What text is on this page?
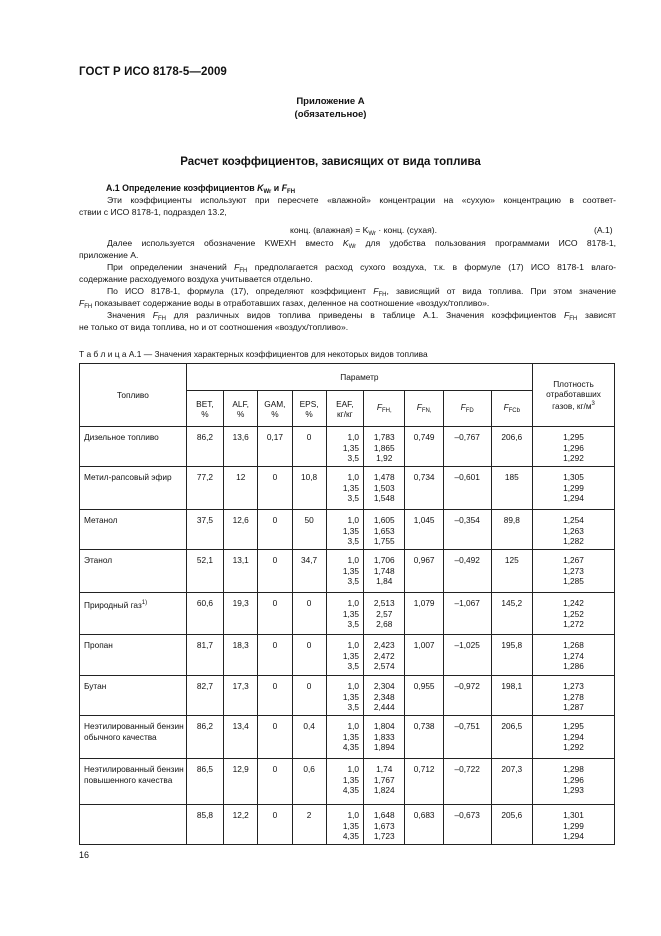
ГОСТ Р ИСО 8178-5—2009
Приложение А
(обязательное)
Расчет коэффициентов, зависящих от вида топлива
А.1 Определение коэффициентов $K_{Wr}$ и $F_{FH}$
Эти коэффициенты используют при пересчете «влажной» концентрации на «сухую» концентрацию в соответ-
ствии с ИСО 8178-1, подраздел 13.2,
конц. (влажная) = $K_{Wr}$ · конц. (сухая).	(A.1)
Далее используется обозначение KWEXH вместо $K_{Wr}$ для удобства пользования программами ИСО 8178-1,
приложение А.
При определении значений $F_{FH}$ предполагается расход сухого воздуха, т.к. в формуле (17) ИСО 8178-1 влаго-
содержание расходуемого воздуха учитывается отдельно.
По ИСО 8178-1, формула (17), определяют коэффициент $F_{FH}$, зависящий от вида топлива. При этом значение
$F_{FH}$ показывает содержание воды в отработавших газах, деленное на соотношение «воздух/топливо».
Значения $F_{FH}$ для различных видов топлива приведены в таблице А.1. Значения коэффициентов $F_{FH}$ зависят
не только от вида топлива, но и от соотношения «воздух/топливо».
Т а б л и ц а А.1 — Значения характерных коэффициентов для некоторых видов топлива
Топливо	Параметр									Плотность отработавших газов, $кг/м^3$
	BET,
%	ALF,
%	GAM,
%	EPS,
%	EAF,
кг/кг	$F_{FH,}$	$F_{FN,}$	$F_{FD}$	$F_{FCb}$
Дизельное топливо	86,2	13,6	0,17	0	1,0
1,35
3,5	1,783
1,865
1,92	0,749	–0,767	206,6	1,295
1,296
1,292

Метил-рапсовый эфир	77,2	12	0	10,8	1,0
1,35
3,5	1,478
1,503
1,548	0,734	–0,601	185	1,305
1,299
1,294

Метанол	37,5	12,6	0	50	1,0
1,35
3,5	1,605
1,653
1,755	1,045	–0,354	89,8	1,254
1,263
1,282

Этанол	52,1	13,1	0	34,7	1,0
1,35
3,5	1,706
1,748
1,84	0,967	–0,492	125	1,267
1,273
1,285

Природный газ$^{1)}$	60,6	19,3	0	0	1,0
1,35
3,5	2,513
2,57
2,68	1,079	–1,067	145,2	1,242
1,252
1,272

Пропан	81,7	18,3	0	0	1,0
1,35
3,5	2,423
2,472
2,574	1,007	–1,025	195,8	1,268
1,274
1,286

Бутан	82,7	17,3	0	0	1,0
1,35
3,5	2,304
2,348
2,444	0,955	–0,972	198,1	1,273
1,278
1,287

Неэтилированный бензин обычного качества	86,2	13,4	0	0,4	1,0
1,35
4,35	1,804
1,833
1,894	0,738	–0,751	206,5	1,295
1,294
1,292

Неэтилированный бензин повышенного качества	86,5	12,9	0	0,6	1,0
1,35
4,35	1,74
1,767
1,824	0,712	–0,722	207,3	1,298
1,296
1,293

	85,8	12,2	0	2	1,0
1,35
4,35	1,648
1,673
1,723	0,683	–0,673	205,6	1,301
1,299
1,294
16
